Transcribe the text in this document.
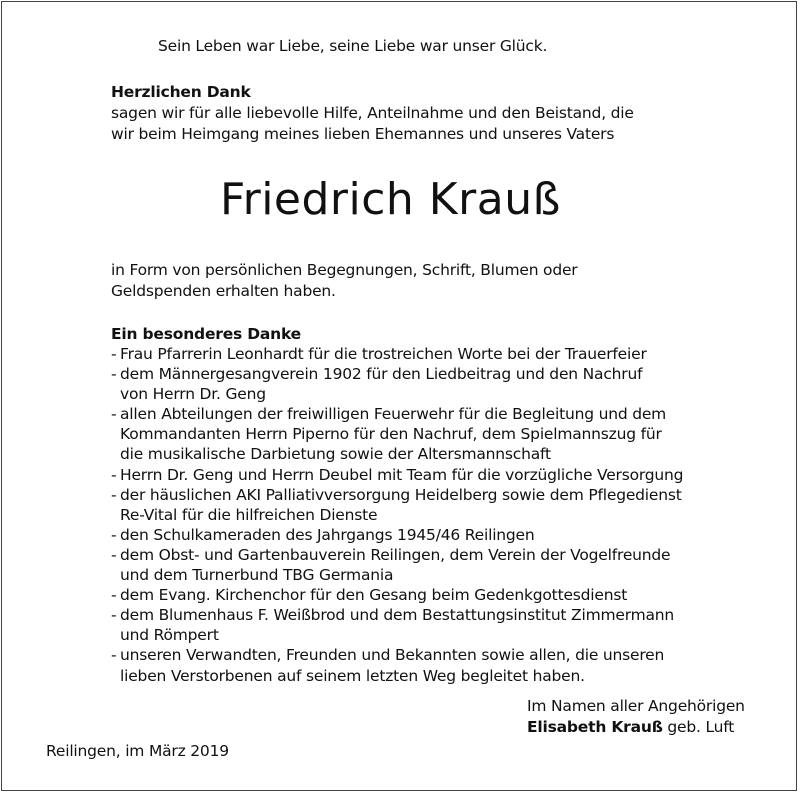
Sein Leben war Liebe, seine Liebe war unser Glück.
Herzlichen Dank
sagen wir für alle liebevolle Hilfe, Anteilnahme und den Beistand, die
wir beim Heimgang meines lieben Ehemannes und unseres Vaters
Friedrich Krauß
in Form von persönlichen Begegnungen, Schrift, Blumen oder
Geldspenden erhalten haben.
Ein besonderes Danke
- Frau Pfarrerin Leonhardt für die trostreichen Worte bei der Trauerfeier
- dem Männergesangverein 1902 für den Liedbeitrag und den Nachruf
von Herrn Dr. Geng
- allen Abteilungen der freiwilligen Feuerwehr für die Begleitung und dem
Kommandanten Herrn Piperno für den Nachruf, dem Spielmannszug für
die musikalische Darbietung sowie der Altersmannschaft
- Herrn Dr. Geng und Herrn Deubel mit Team für die vorzügliche Versorgung
- der häuslichen AKI Palliativversorgung Heidelberg sowie dem Pflegedienst
Re-Vital für die hilfreichen Dienste
- den Schulkameraden des Jahrgangs 1945/46 Reilingen
- dem Obst- und Gartenbauverein Reilingen, dem Verein der Vogelfreunde
und dem Turnerbund TBG Germania
- dem Evang. Kirchenchor für den Gesang beim Gedenkgottesdienst
- dem Blumenhaus F. Weißbrod und dem Bestattungsinstitut Zimmermann
und Römpert
- unseren Verwandten, Freunden und Bekannten sowie allen, die unseren
lieben Verstorbenen auf seinem letzten Weg begleitet haben.
Im Namen aller Angehörigen
Elisabeth Krauß geb. Luft
Reilingen, im März 2019
